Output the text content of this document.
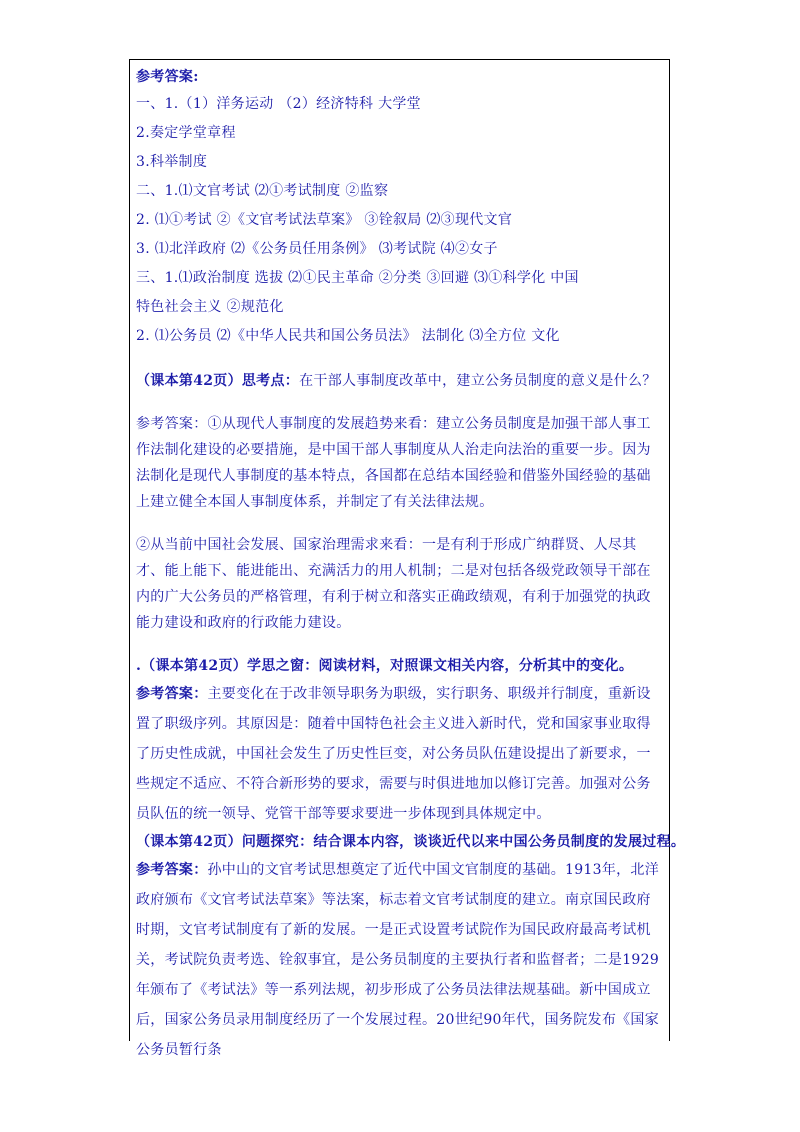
参考答案:
一、1.（1）洋务运动 （2）经济特科 大学堂
2.奏定学堂章程
3.科举制度
二、1.⑴文官考试 ⑵①考试制度 ②监察
2. ⑴①考试 ②《文官考试法草案》 ③铨叙局 ⑵③现代文官
3. ⑴北洋政府 ⑵《公务员任用条例》 ⑶考试院 ⑷②女子
三、1.⑴政治制度 选拔 ⑵①民主革命 ②分类 ③回避 ⑶①科学化 中国
特色社会主义 ②规范化
2. ⑴公务员 ⑵《中华人民共和国公务员法》 法制化 ⑶全方位 文化
（课本第42页）思考点：在干部人事制度改革中，建立公务员制度的意义是什么？
参考答案：①从现代人事制度的发展趋势来看：建立公务员制度是加强干部人事工作法制化建设的必要措施，是中国干部人事制度从人治走向法治的重要一步。因为法制化是现代人事制度的基本特点，各国都在总结本国经验和借鉴外国经验的基础上建立健全本国人事制度体系，并制定了有关法律法规。
②从当前中国社会发展、国家治理需求来看：一是有利于形成广纳群贤、人尽其才、能上能下、能进能出、充满活力的用人机制；二是对包括各级党政领导干部在内的广大公务员的严格管理，有利于树立和落实正确政绩观，有利于加强党的执政能力建设和政府的行政能力建设。
.（课本第42页）学思之窗：阅读材料，对照课文相关内容，分析其中的变化。
参考答案：主要变化在于改非领导职务为职级，实行职务、职级并行制度，重新设置了职级序列。其原因是：随着中国特色社会主义进入新时代，党和国家事业取得了历史性成就，中国社会发生了历史性巨变，对公务员队伍建设提出了新要求，一些规定不适应、不符合新形势的要求，需要与时俱进地加以修订完善。加强对公务员队伍的统一领导、党管干部等要求要进一步体现到具体规定中。
（课本第42页）问题探究：结合课本内容，谈谈近代以来中国公务员制度的发展过程。
参考答案：孙中山的文官考试思想奠定了近代中国文官制度的基础。1913年，北洋政府颁布《文官考试法草案》等法案，标志着文官考试制度的建立。南京国民政府时期，文官考试制度有了新的发展。一是正式设置考试院作为国民政府最高考试机关，考试院负责考选、铨叙事宜，是公务员制度的主要执行者和监督者；二是1929年颁布了《考试法》等一系列法规，初步形成了公务员法律法规基础。新中国成立后，国家公务员录用制度经历了一个发展过程。20世纪90年代，国务院发布《国家公务员暂行条
